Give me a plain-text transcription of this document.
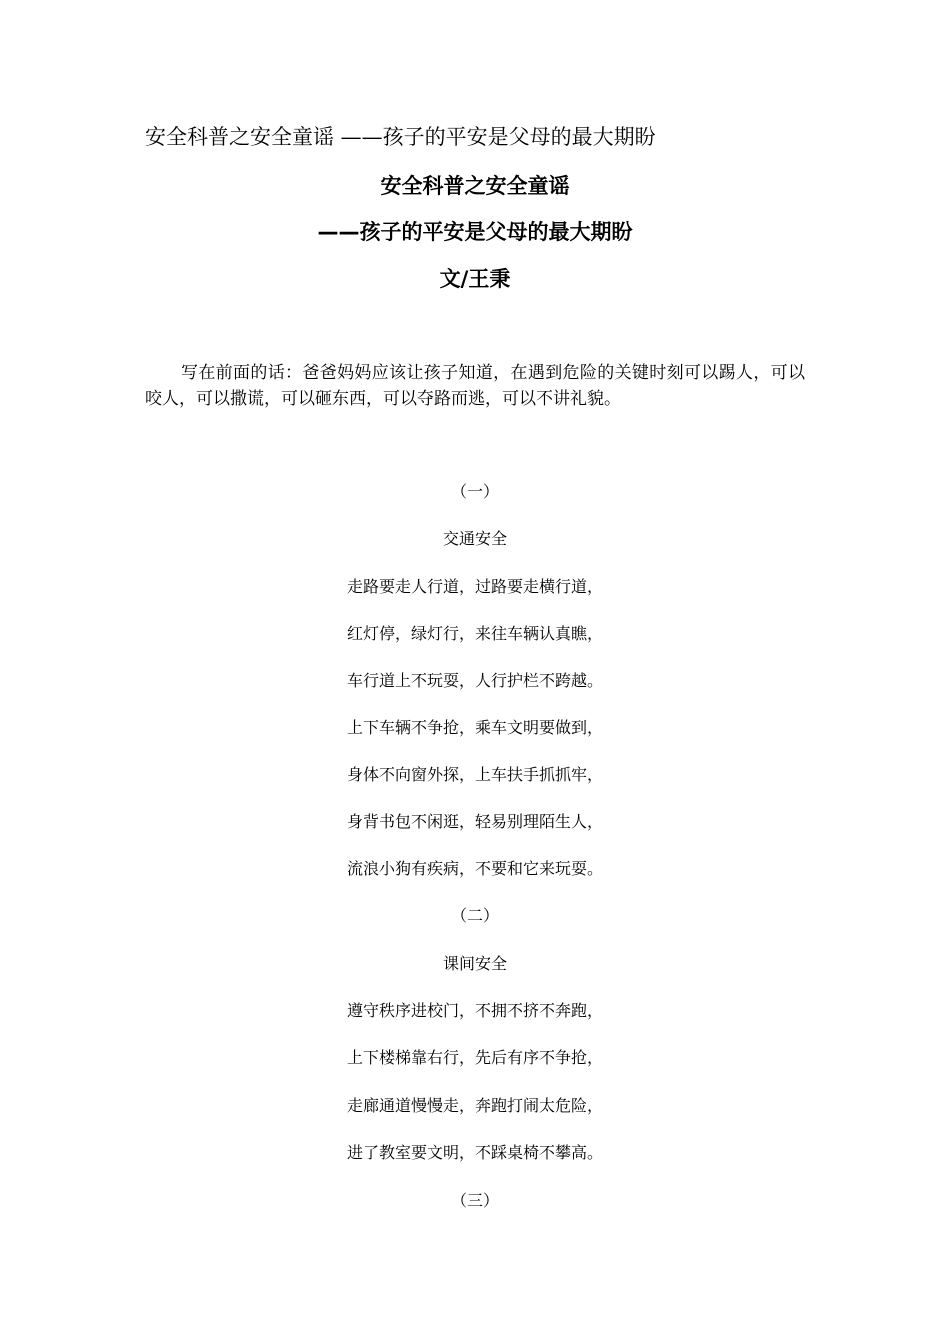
安全科普之安全童谣 ——孩子的平安是父母的最大期盼
安全科普之安全童谣
——孩子的平安是父母的最大期盼
文/王秉
写在前面的话：爸爸妈妈应该让孩子知道，在遇到危险的关键时刻可以踢人，可以咬人，可以撒谎，可以砸东西，可以夺路而逃，可以不讲礼貌。
（一）
交通安全
走路要走人行道，过路要走横行道，
红灯停，绿灯行，来往车辆认真瞧，
车行道上不玩耍，人行护栏不跨越。
上下车辆不争抢，乘车文明要做到，
身体不向窗外探，上车扶手抓抓牢，
身背书包不闲逛，轻易别理陌生人，
流浪小狗有疾病，不要和它来玩耍。
（二）
课间安全
遵守秩序进校门，不拥不挤不奔跑，
上下楼梯靠右行，先后有序不争抢，
走廊通道慢慢走，奔跑打闹太危险，
进了教室要文明，不踩桌椅不攀高。
（三）
